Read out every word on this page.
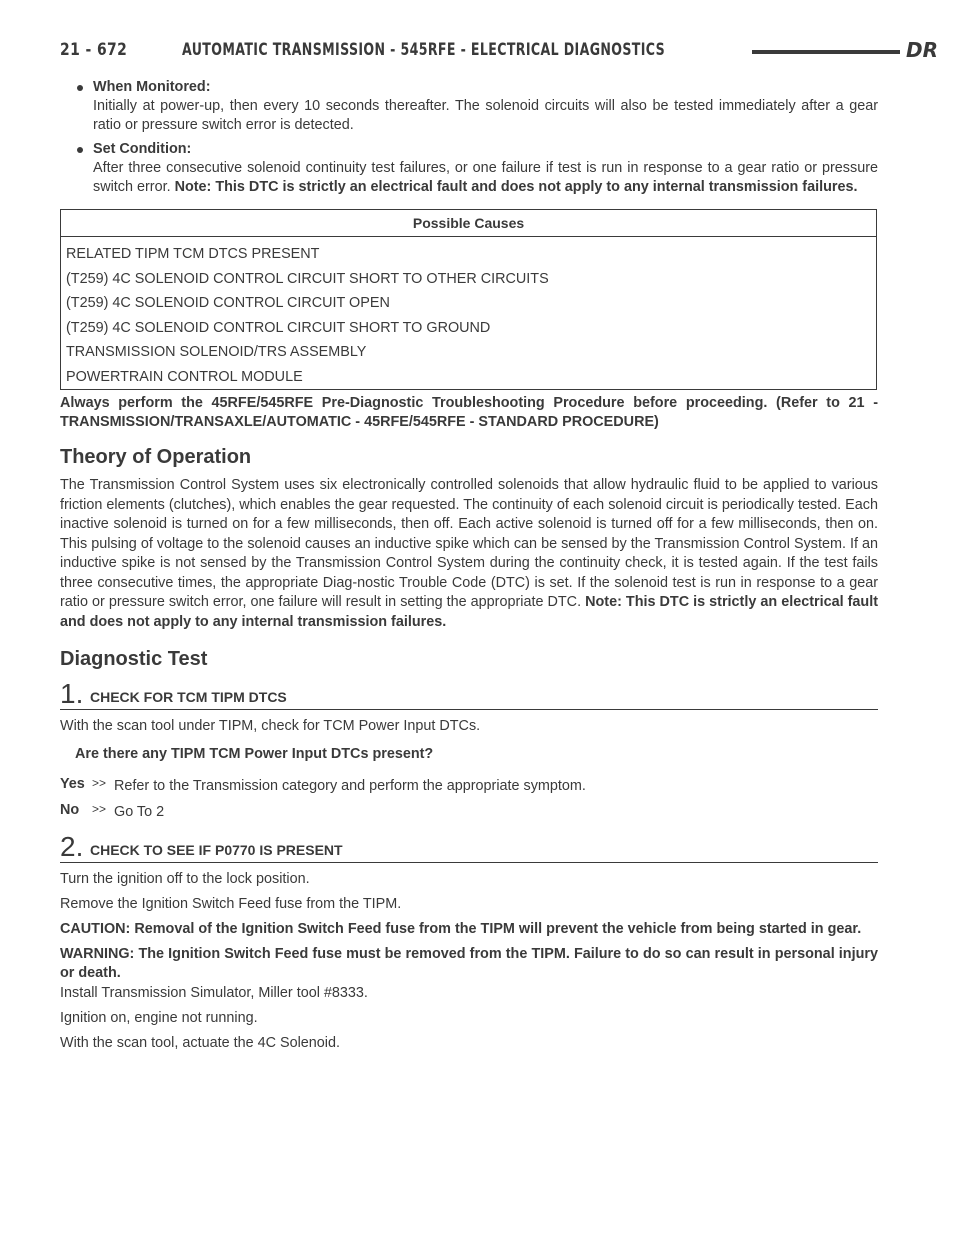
21 - 672	AUTOMATIC TRANSMISSION - 545RFE - ELECTRICAL DIAGNOSTICS	DR
When Monitored:
Initially at power-up, then every 10 seconds thereafter. The solenoid circuits will also be tested immediately after a gear ratio or pressure switch error is detected.
Set Condition:
After three consecutive solenoid continuity test failures, or one failure if test is run in response to a gear ratio or pressure switch error. Note: This DTC is strictly an electrical fault and does not apply to any internal transmission failures.
Possible Causes
RELATED TIPM TCM DTCS PRESENT
(T259) 4C SOLENOID CONTROL CIRCUIT SHORT TO OTHER CIRCUITS
(T259) 4C SOLENOID CONTROL CIRCUIT OPEN
(T259) 4C SOLENOID CONTROL CIRCUIT SHORT TO GROUND
TRANSMISSION SOLENOID/TRS ASSEMBLY
POWERTRAIN CONTROL MODULE
Always perform the 45RFE/545RFE Pre-Diagnostic Troubleshooting Procedure before proceeding. (Refer to 21 - TRANSMISSION/TRANSAXLE/AUTOMATIC - 45RFE/545RFE - STANDARD PROCEDURE)
Theory of Operation
The Transmission Control System uses six electronically controlled solenoids that allow hydraulic fluid to be applied to various friction elements (clutches), which enables the gear requested. The continuity of each solenoid circuit is periodically tested. Each inactive solenoid is turned on for a few milliseconds, then off. Each active solenoid is turned off for a few milliseconds, then on. This pulsing of voltage to the solenoid causes an inductive spike which can be sensed by the Transmission Control System. If an inductive spike is not sensed by the Transmission Control System during the continuity check, it is tested again. If the test fails three consecutive times, the appropriate Diag-nostic Trouble Code (DTC) is set. If the solenoid test is run in response to a gear ratio or pressure switch error, one failure will result in setting the appropriate DTC. Note: This DTC is strictly an electrical fault and does not apply to any internal transmission failures.
Diagnostic Test
1. CHECK FOR TCM TIPM DTCS
With the scan tool under TIPM, check for TCM Power Input DTCs.
Are there any TIPM TCM Power Input DTCs present?
Yes >> Refer to the Transmission category and perform the appropriate symptom.
No	>> Go To 2
2. CHECK TO SEE IF P0770 IS PRESENT
Turn the ignition off to the lock position.
Remove the Ignition Switch Feed fuse from the TIPM.
CAUTION: Removal of the Ignition Switch Feed fuse from the TIPM will prevent the vehicle from being started in gear.
WARNING: The Ignition Switch Feed fuse must be removed from the TIPM. Failure to do so can result in personal injury or death.
Install Transmission Simulator, Miller tool #8333.
Ignition on, engine not running.
With the scan tool, actuate the 4C Solenoid.
